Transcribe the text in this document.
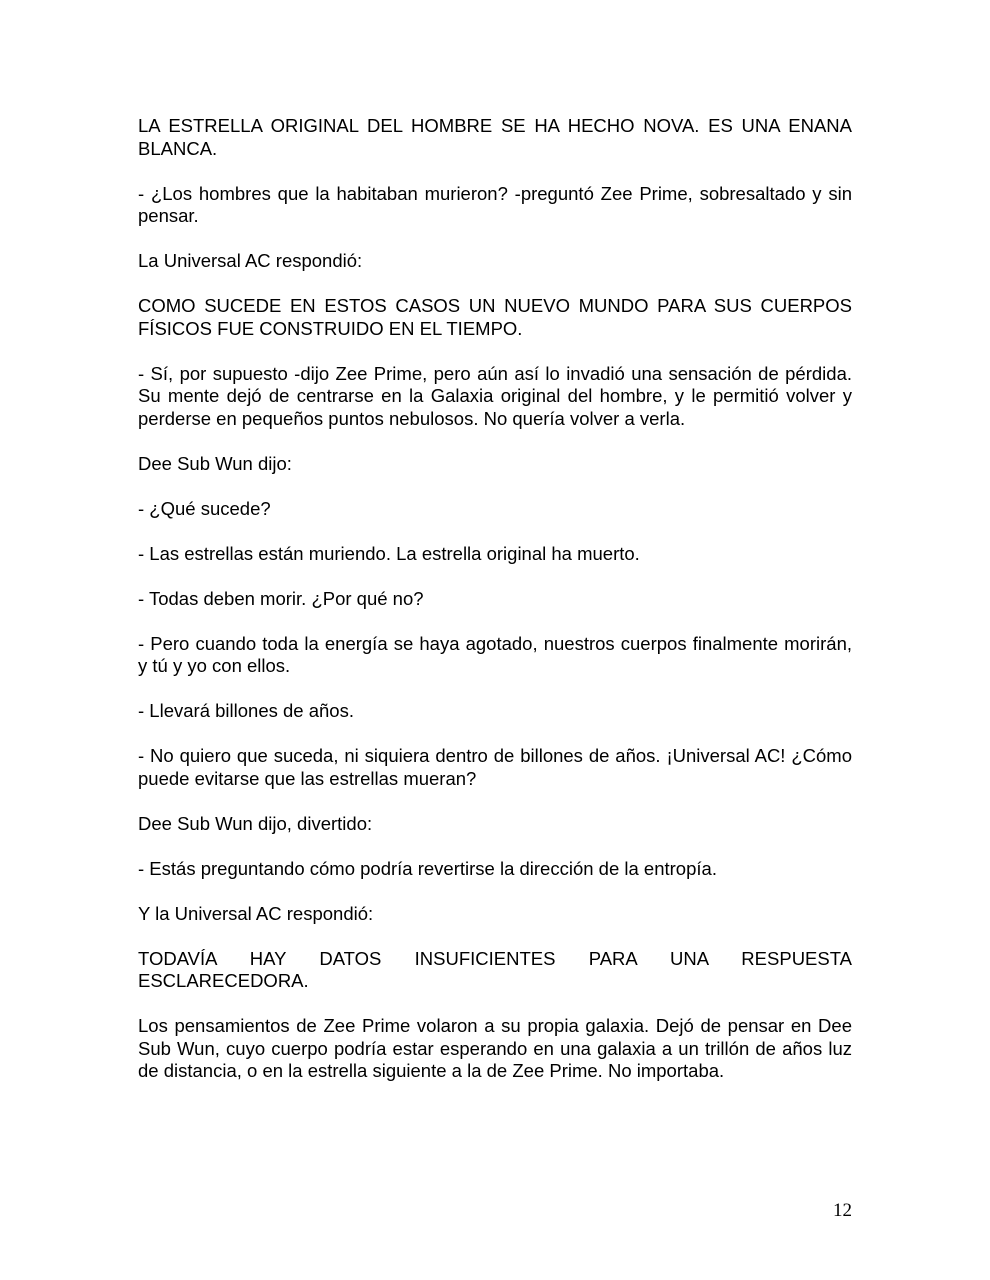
LA ESTRELLA ORIGINAL DEL HOMBRE SE HA HECHO NOVA. ES UNA ENANA BLANCA.

- ¿Los hombres que la habitaban murieron? -preguntó Zee Prime, sobresaltado y sin pensar.

La Universal AC respondió:

COMO SUCEDE EN ESTOS CASOS UN NUEVO MUNDO PARA SUS CUERPOS FÍSICOS FUE CONSTRUIDO EN EL TIEMPO.

- Sí, por supuesto -dijo Zee Prime, pero aún así lo invadió una sensación de pérdida. Su mente dejó de centrarse en la Galaxia original del hombre, y le permitió volver y perderse en pequeños puntos nebulosos. No quería volver a verla.

Dee Sub Wun dijo:

- ¿Qué sucede?

- Las estrellas están muriendo. La estrella original ha muerto.

- Todas deben morir. ¿Por qué no?

- Pero cuando toda la energía se haya agotado, nuestros cuerpos finalmente morirán, y tú y yo con ellos.

- Llevará billones de años.

- No quiero que suceda, ni siquiera dentro de billones de años. ¡Universal AC! ¿Cómo puede evitarse que las estrellas mueran?

Dee Sub Wun dijo, divertido:

- Estás preguntando cómo podría revertirse la dirección de la entropía.

Y la Universal AC respondió:

TODAVÍA HAY DATOS INSUFICIENTES PARA UNA RESPUESTA ESCLARECEDORA.

Los pensamientos de Zee Prime volaron a su propia galaxia. Dejó de pensar en Dee Sub Wun, cuyo cuerpo podría estar esperando en una galaxia a un trillón de años luz de distancia, o en la estrella siguiente a la de Zee Prime. No importaba.

12
